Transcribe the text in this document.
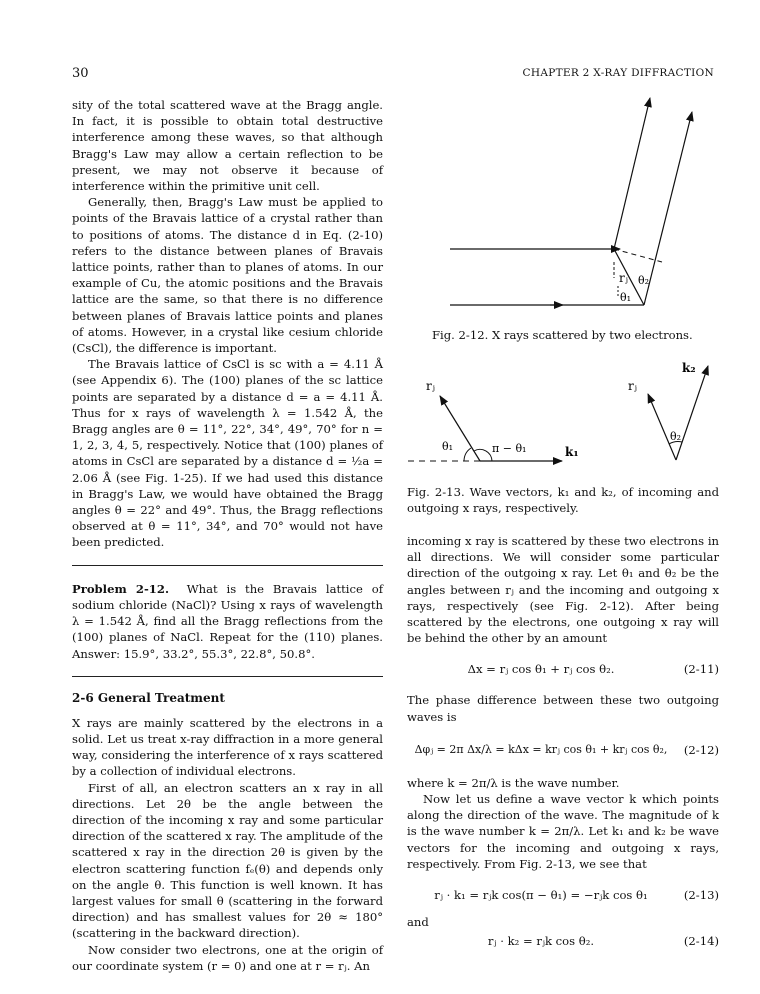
30	CHAPTER 2 X-RAY DIFFRACTION

sity of the total scattered wave at the Bragg angle. In fact, it is possible to obtain total destructive interference among these waves, so that although Bragg's Law may allow a certain reflection to be present, we may not observe it because of interference within the primitive unit cell.

Generally, then, Bragg's Law must be applied to points of the Bravais lattice of a crystal rather than to positions of atoms. The distance d in Eq. (2-10) refers to the distance between planes of Bravais lattice points, rather than to planes of atoms. In our example of Cu, the atomic positions and the Bravais lattice are the same, so that there is no difference between planes of Bravais lattice points and planes of atoms. However, in a crystal like cesium chloride (CsCl), the difference is important.

The Bravais lattice of CsCl is sc with a = 4.11 Å (see Appendix 6). The (100) planes of the sc lattice points are separated by a distance d = a = 4.11 Å. Thus for x rays of wavelength λ = 1.542 Å, the Bragg angles are θ = 11°, 22°, 34°, 49°, 70° for n = 1, 2, 3, 4, 5, respectively. Notice that (100) planes of atoms in CsCl are separated by a distance d = ½a = 2.06 Å (see Fig. 1-25). If we had used this distance in Bragg's Law, we would have obtained the Bragg angles θ = 22° and 49°. Thus, the Bragg reflections observed at θ = 11°, 34°, and 70° would not have been predicted.

Problem 2-12. What is the Bravais lattice of sodium chloride (NaCl)? Using x rays of wavelength λ = 1.542 Å, find all the Bragg reflections from the (100) planes of NaCl. Repeat for the (110) planes. Answer: 15.9°, 33.2°, 55.3°, 22.8°, 50.8°.

2-6 General Treatment

X rays are mainly scattered by the electrons in a solid. Let us treat x-ray diffraction in a more general way, considering the interference of x rays scattered by a collection of individual electrons.

First of all, an electron scatters an x ray in all directions. Let 2θ be the angle between the direction of the incoming x ray and some particular direction of the scattered x ray. The amplitude of the scattered x ray in the direction 2θ is given by the electron scattering function fₑ(θ) and depends only on the angle θ. This function is well known. It has largest values for small θ (scattering in the forward direction) and has smallest values for 2θ ≈ 180° (scattering in the backward direction).

Now consider two electrons, one at the origin of our coordinate system (r = 0) and one at r = rⱼ. An

rⱼ θ₂
θ₁

Fig. 2-12. X rays scattered by two electrons.

rⱼ
θ₁	π − θ₁	k₁
rⱼ
k₂
θ₂

Fig. 2-13. Wave vectors, k₁ and k₂, of incoming and outgoing x rays, respectively.

incoming x ray is scattered by these two electrons in all directions. We will consider some particular direction of the outgoing x ray. Let θ₁ and θ₂ be the angles between rⱼ and the incoming and outgoing x rays, respectively (see Fig. 2-12). After being scattered by the electrons, one outgoing x ray will be behind the other by an amount

Δx = rⱼ cos θ₁ + rⱼ cos θ₂.	(2-11)

The phase difference between these two outgoing waves is

Δφⱼ = 2π Δx/λ = kΔx = krⱼ cos θ₁ + krⱼ cos θ₂,	(2-12)

where k = 2π/λ is the wave number.

Now let us define a wave vector k which points along the direction of the wave. The magnitude of k is the wave number k = 2π/λ. Let k₁ and k₂ be wave vectors for the incoming and outgoing x rays, respectively. From Fig. 2-13, we see that

rⱼ · k₁ = rⱼk cos(π − θ₁) = −rⱼk cos θ₁	(2-13)

and

rⱼ · k₂ = rⱼk cos θ₂.	(2-14)
